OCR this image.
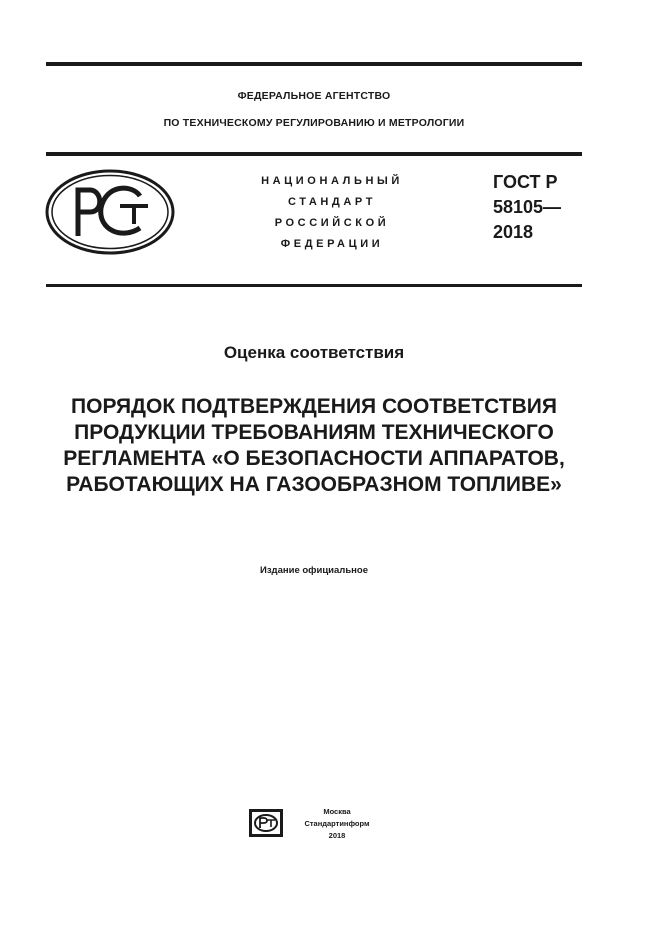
ФЕДЕРАЛЬНОЕ АГЕНТСТВО
ПО ТЕХНИЧЕСКОМУ РЕГУЛИРОВАНИЮ И МЕТРОЛОГИИ
НАЦИОНАЛЬНЫЙ
СТАНДАРТ
РОССИЙСКОЙ
ФЕДЕРАЦИИ
ГОСТ Р
58105—
2018
Оценка соответствия
ПОРЯДОК ПОДТВЕРЖДЕНИЯ СООТВЕТСТВИЯ
ПРОДУКЦИИ ТРЕБОВАНИЯМ ТЕХНИЧЕСКОГО
РЕГЛАМЕНТА «О БЕЗОПАСНОСТИ АППАРАТОВ,
РАБОТАЮЩИХ НА ГАЗООБРАЗНОМ ТОПЛИВЕ»
Издание официальное
Москва
Стандартинформ
2018
